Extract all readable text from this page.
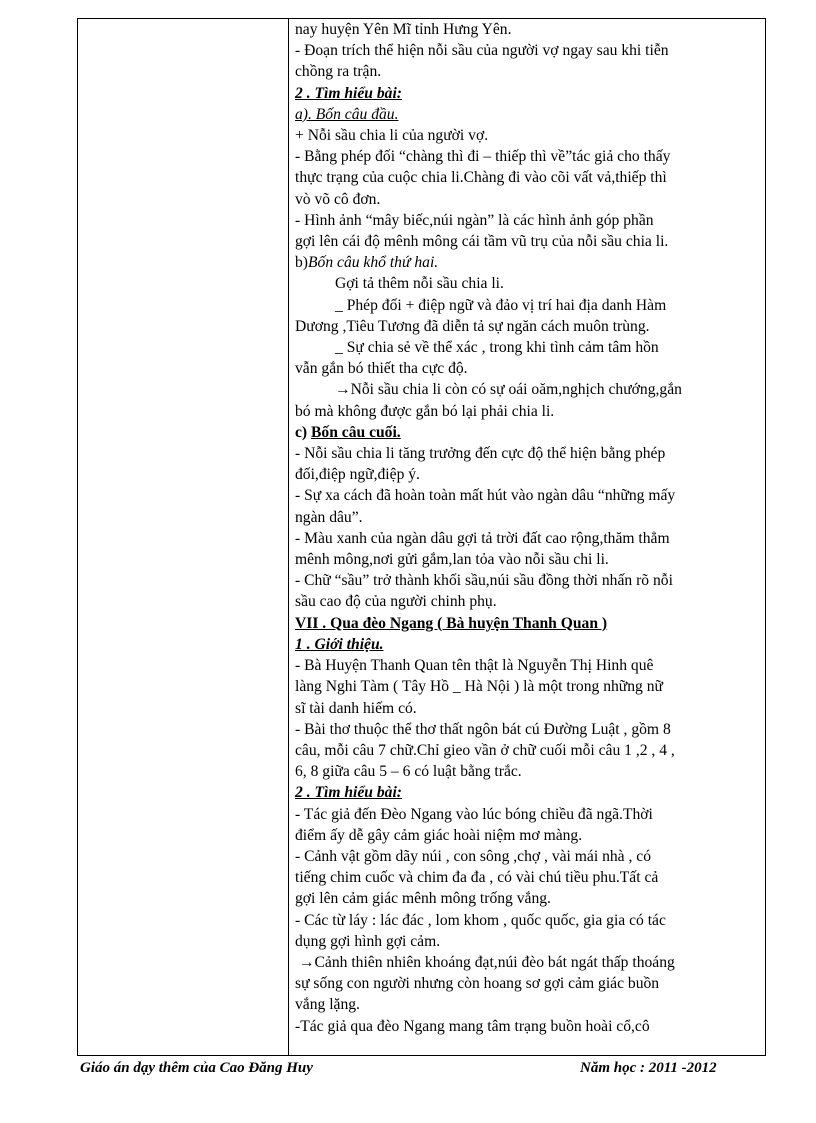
nay huyện Yên Mĩ tỉnh Hưng Yên.
- Đoạn trích thể hiện nỗi sầu của người vợ ngay sau khi tiễn
chồng ra trận.
2 . Tìm hiểu bài:
a). Bốn câu đầu.
+ Nỗi sầu chia li của người vợ.
- Bằng phép đối “chàng thì đi – thiếp thì về”tác giả cho thấy
thực trạng của cuộc chia li.Chàng đi vào cõi vất vả,thiếp thì
vò võ cô đơn.
- Hình ảnh “mây biếc,núi ngàn” là các hình ảnh góp phần
gợi lên cái độ mênh mông cái tầm vũ trụ của nỗi sầu chia li.
b)Bốn câu khổ thứ hai.
Gợi tả thêm nỗi sầu chia li.
_ Phép đối + điệp ngữ và đảo vị trí hai địa danh Hàm
Dương ,Tiêu Tương đã diễn tả sự ngăn cách muôn trùng.
_ Sự chia sẻ về thể xác , trong khi tình cảm tâm hồn
vẫn gắn bó thiết tha cực độ.
→Nỗi sầu chia li còn có sự oái oăm,nghịch chướng,gắn
bó mà không được gắn bó lại phải chia li.
c) Bốn câu cuối.
- Nỗi sầu chia li tăng trưởng đến cực độ thể hiện bằng phép
đối,điệp ngữ,điệp ý.
- Sự xa cách đã hoàn toàn mất hút vào ngàn dâu “những mấy
ngàn dâu”.
- Màu xanh của ngàn dâu gợi tả trời đất cao rộng,thăm thẳm
mênh mông,nơi gửi gắm,lan tỏa vào nỗi sầu chi li.
- Chữ “sầu” trở thành khối sầu,núi sầu đồng thời nhấn rõ nỗi
sầu cao độ của người chinh phụ.
VII . Qua đèo Ngang ( Bà huyện Thanh Quan )
1 . Giới thiệu.
- Bà Huyện Thanh Quan tên thật là Nguyễn Thị Hinh quê
làng Nghi Tàm ( Tây Hồ _ Hà Nội ) là một trong những nữ
sĩ tài danh hiếm có.
- Bài thơ thuộc thể thơ thất ngôn bát cú Đường Luật , gồm 8
câu, mỗi câu 7 chữ.Chỉ gieo vần ở chữ cuối mỗi câu 1 ,2 , 4 ,
6, 8 giữa câu 5 – 6 có luật bằng trắc.
2 . Tìm hiểu bài:
- Tác giả đến Đèo Ngang vào lúc bóng chiều đã ngã.Thời
điểm ấy dễ gây cảm giác hoài niệm mơ màng.
- Cảnh vật gồm dãy núi , con sông ,chợ , vài mái nhà , có
tiếng chim cuốc và chim đa đa , có vài chú tiều phu.Tất cả
gợi lên cảm giác mênh mông trống vắng.
- Các từ láy : lác đác , lom khom , quốc quốc, gia gia có tác
dụng gợi hình gợi cảm.
→Cảnh thiên nhiên khoáng đạt,núi đèo bát ngát thấp thoáng
sự sống con người nhưng còn hoang sơ gợi cảm giác buồn
vắng lặng.
-Tác giả qua đèo Ngang mang tâm trạng buồn hoài cổ,cô
Giáo án dạy thêm của Cao Đăng Huy	Năm học : 2011 -2012
